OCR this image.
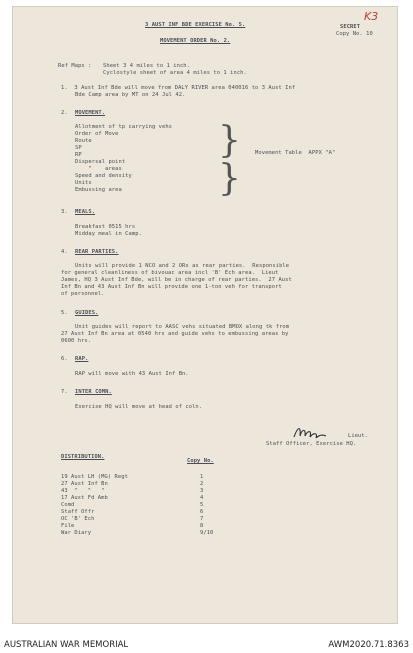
K3
SECRET
Copy No. 10
3 AUST INF BDE EXERCISE No. 5.
MOVEMENT ORDER No. 2.
Ref Maps : Sheet 3 4 miles to 1 inch.
Cyclostyle sheet of area 4 miles to 1 inch.
1.  3 Aust Inf Bde will move from DALY RIVER area 040016 to 3 Aust Inf
Bde Camp area by MT on 24 Jul 42.
2. MOVEMENT.
Allotment of tp carrying vehs
Order of Move
Route
SP
RP
Dispersal point
"    areas
Speed and density
Units
Embussing area
}
}
Movement Table  APPX "A"
3. MEALS.
Breakfast 0515 hrs
Midday meal in Camp.
4. REAR PARTIES.
Units will provide 1 NCO and 2 ORs as rear parties.  Responsible
for general cleanliness of bivouac area incl 'B' Ech area.  Lieut
James, HQ 3 Aust Inf Bde, will be in charge of rear parties.  27 Aust
Inf Bn and 43 Aust Inf Bn will provide one 1-ton veh for transport
of personnel.
5. GUIDES.
Unit guides will report to AASC vehs situated BMOX along tk from
27 Aust Inf Bn area at 0540 hrs and guide vehs to embussing areas by
0600 hrs.
6. RAP.
RAP will move with 43 Aust Inf Bn.
7. INTER COMN.
Exercise HQ will move at head of coln.
Lieut.
Staff Officer, Exercise HQ.
DISTRIBUTION.
Copy No.
19 Aust LH (MG) Regt	1
27 Aust Inf Bn	2
43  "   "   "	3
17 Aust Fd Amb	4
Comd	5
Staff Offr	6
OC 'B' Ech	7
File	8
War Diary	9/10
AUSTRALIAN WAR MEMORIAL	AWM2020.71.8363
